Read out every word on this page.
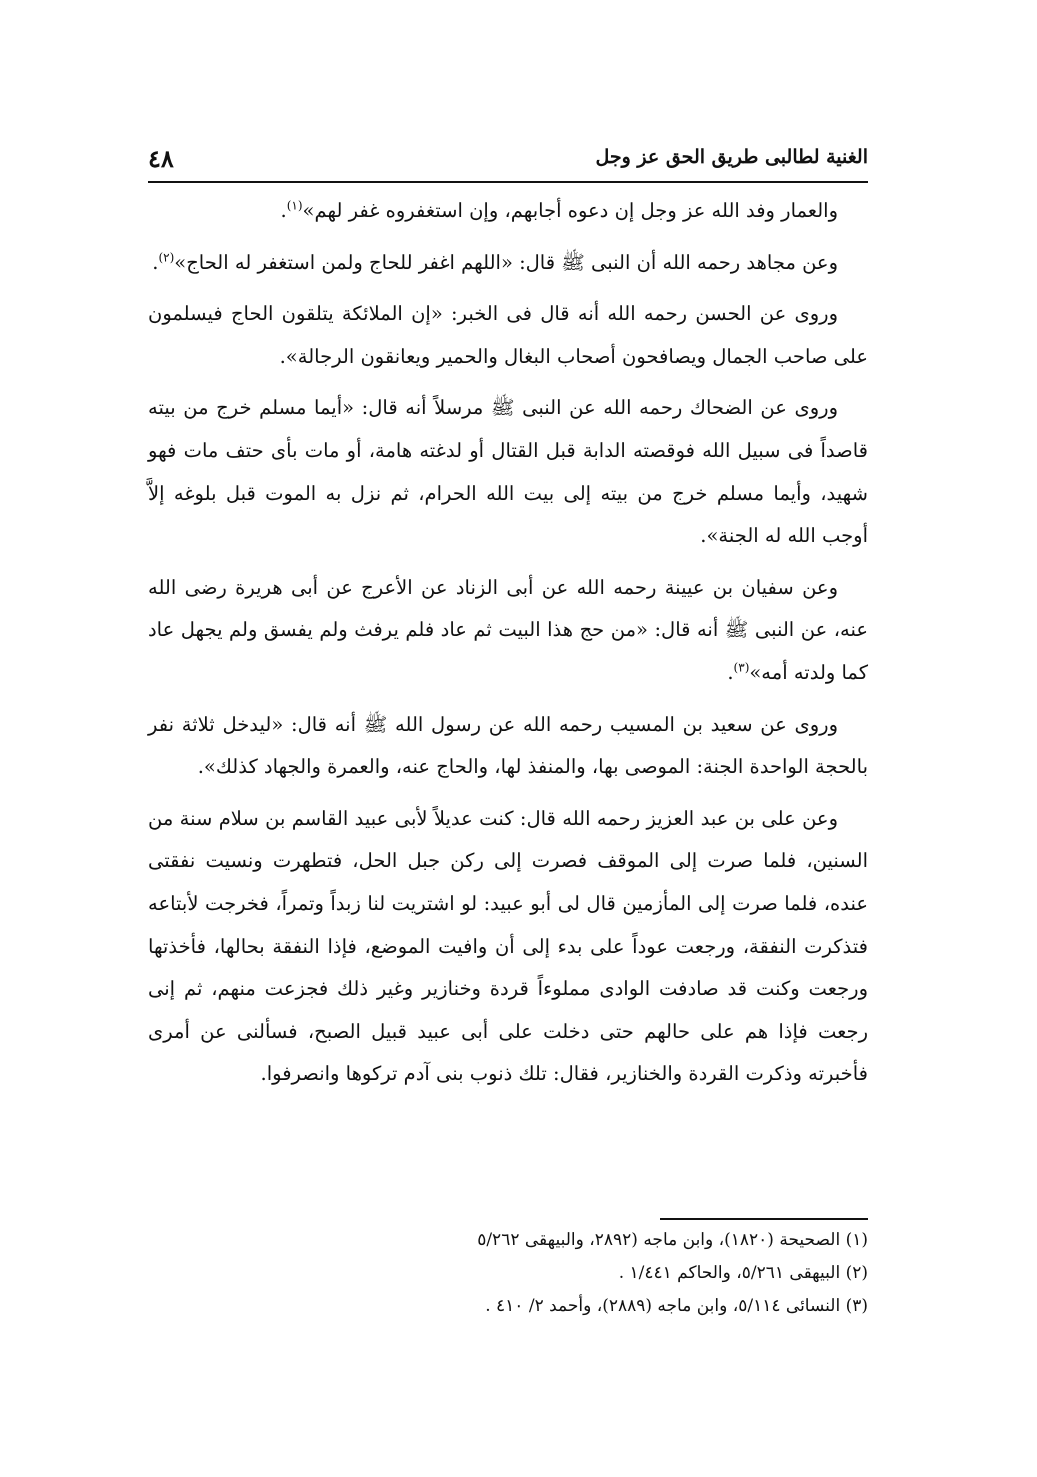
الغنية لطالبى طريق الحق عز وجل
٤٨

والعمار وفد الله عز وجل إن دعوه أجابهم، وإن استغفروه غفر لهم»$^{(١)}$.

وعن مجاهد رحمه الله أن النبى ﷺ قال: «اللهم اغفر للحاج ولمن استغفر له الحاج»$^{(٢)}$.

وروى عن الحسن رحمه الله أنه قال فى الخبر: «إن الملائكة يتلقون الحاج فيسلمون على صاحب الجمال ويصافحون أصحاب البغال والحمير ويعانقون الرجالة».

وروى عن الضحاك رحمه الله عن النبى ﷺ مرسلاً أنه قال: «أيما مسلم خرج من بيته قاصداً فى سبيل الله فوقصته الدابة قبل القتال أو لدغته هامة، أو مات بأى حتف مات فهو شهيد، وأيما مسلم خرج من بيته إلى بيت الله الحرام، ثم نزل به الموت قبل بلوغه إلاَّ أوجب الله له الجنة».

وعن سفيان بن عيينة رحمه الله عن أبى الزناد عن الأعرج عن أبى هريرة رضى الله عنه، عن النبى ﷺ أنه قال: «من حج هذا البيت ثم عاد فلم يرفث ولم يفسق ولم يجهل عاد كما ولدته أمه»$^{(٣)}$.

وروى عن سعيد بن المسيب رحمه الله عن رسول الله ﷺ أنه قال: «ليدخل ثلاثة نفر بالحجة الواحدة الجنة: الموصى بها، والمنفذ لها، والحاج عنه، والعمرة والجهاد كذلك».

وعن على بن عبد العزيز رحمه الله قال: كنت عديلاً لأبى عبيد القاسم بن سلام سنة من السنين، فلما صرت إلى الموقف فصرت إلى ركن جبل الحل، فتطهرت ونسيت نفقتى عنده، فلما صرت إلى المأزمين قال لى أبو عبيد: لو اشتريت لنا زبداً وتمراً، فخرجت لأبتاعه فتذكرت النفقة، ورجعت عوداً على بدء إلى أن وافيت الموضع، فإذا النفقة بحالها، فأخذتها ورجعت وكنت قد صادفت الوادى مملوءاً قردة وخنازير وغير ذلك فجزعت منهم، ثم إنى رجعت فإذا هم على حالهم حتى دخلت على أبى عبيد قبيل الصبح، فسألنى عن أمرى فأخبرته وذكرت القردة والخنازير، فقال: تلك ذنوب بنى آدم تركوها وانصرفوا.

(١) الصحيحة (١٨٢٠)، وابن ماجه (٢٨٩٢، والبيهقى ٥/٢٦٢
(٢) البيهقى ٥/٢٦١، والحاكم ١/٤٤١ .
(٣) النسائى ٥/١١٤، وابن ماجه (٢٨٨٩)، وأحمد ٢/ ٤١٠ .
